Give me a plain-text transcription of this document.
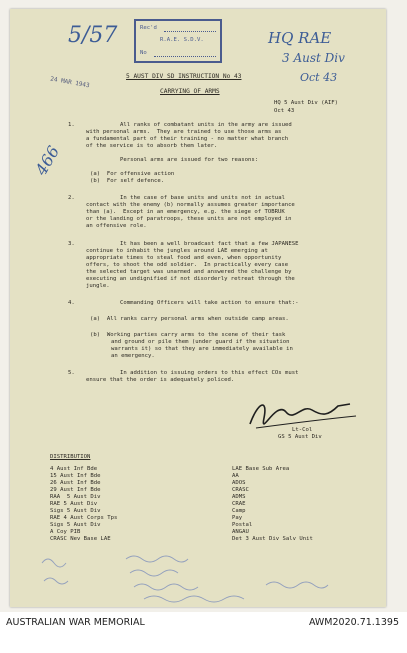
Rec'd
R.A.E. S.D.V.
No
5/57	HQ RAE
3 Aust Div
Oct 43
466
24 MAR 1943	5 AUST DIV SD INSTRUCTION No 43
CARRYING OF ARMS
HQ 5 Aust Div (AIF)
Oct 43
1.	All ranks of combatant units in the army are issued
with personal arms.  They are trained to use those arms as
a fundamental part of their training - no matter what branch
of the service is to absorb them later.
Personal arms are issued for two reasons:
(a)  For offensive action
(b)  For self defence.
2.	In the case of base units and units not in actual
contact with the enemy (b) normally assumes greater importance
than (a).  Except in an emergency, e.g. the siege of TOBRUK
or the landing of paratroops, these units are not employed in
an offensive role.
3.	It has been a well broadcast fact that a few JAPANESE
continue to inhabit the jungles around LAE emerging at
appropriate times to steal food and even, when opportunity
offers, to shoot the odd soldier.  In practically every case
the selected target was unarmed and answered the challenge by
executing an undignified if not disorderly retreat through the
jungle.
4.	Commanding Officers will take action to ensure that:-
(a)  All ranks carry personal arms when outside camp areas.
(b)  Working parties carry arms to the scene of their task
and ground or pile them (under guard if the situation
warrants it) so that they are immediately available in
an emergency.
5.	In addition to issuing orders to this effect COs must
ensure that the order is adequately policed.
Lt-Col
GS 5 Aust Div
DISTRIBUTION
4 Aust Inf Bde
15 Aust Inf Bde
26 Aust Inf Bde
29 Aust Inf Bde
RAA  5 Aust Div
RAE 5 Aust Div
Sigs 5 Aust Div
RAE 4 Aust Corps Tps
Sigs 5 Aust Div
A Coy PIB
CRASC Nev Base LAE
LAE Base Sub Area
AA
ADOS
CRASC
ADMS
CRAE
Camp
Pay
Postal
ANGAU
Det 3 Aust Div Salv Unit
AUSTRALIAN WAR MEMORIAL	AWM2020.71.1395
